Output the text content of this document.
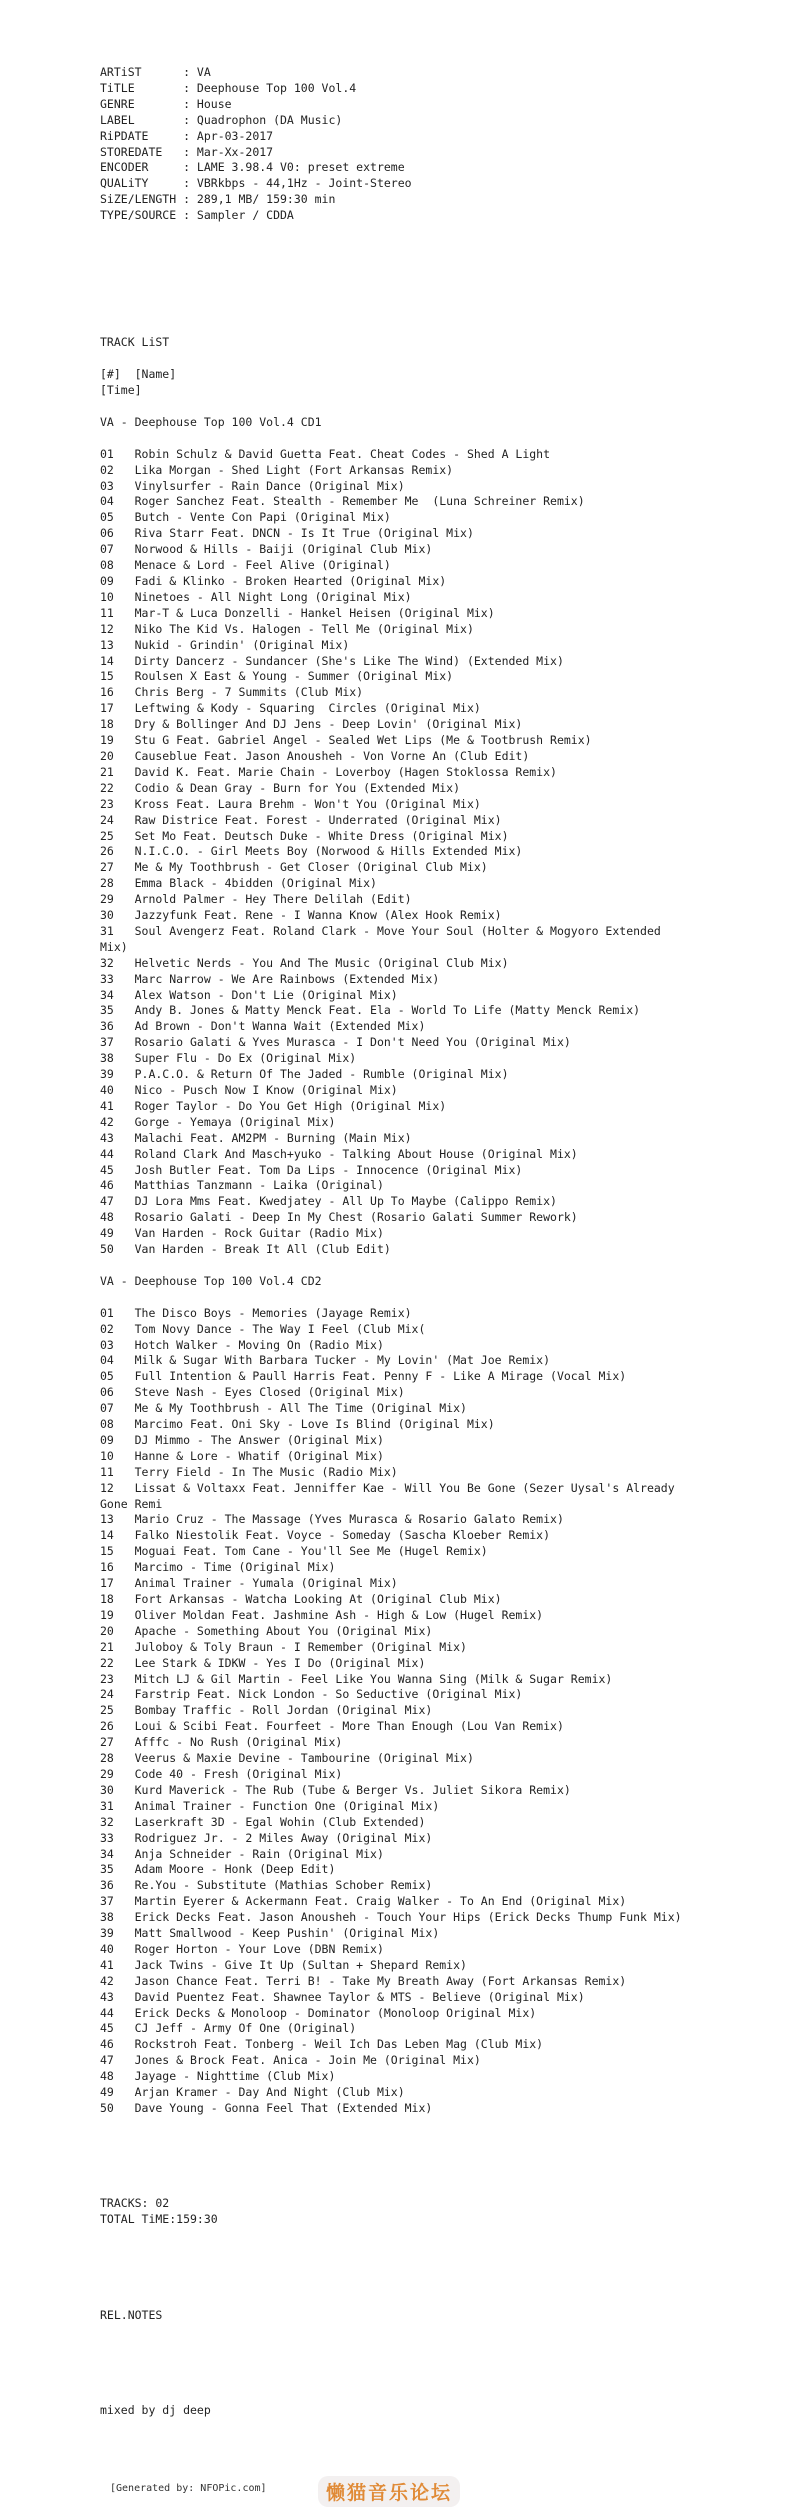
ARTiST      : VA
TiTLE       : Deephouse Top 100 Vol.4
GENRE       : House
LABEL       : Quadrophon (DA Music)
RiPDATE     : Apr-03-2017
STOREDATE   : Mar-Xx-2017
ENCODER     : LAME 3.98.4 V0: preset extreme
QUALiTY     : VBRkbps - 44,1Hz - Joint-Stereo
SiZE/LENGTH : 289,1 MB/ 159:30 min
TYPE/SOURCE : Sampler / CDDA

TRACK LiST

[#]  [Name]
[Time]

VA - Deephouse Top 100 Vol.4 CD1

01   Robin Schulz & David Guetta Feat. Cheat Codes - Shed A Light
02   Lika Morgan - Shed Light (Fort Arkansas Remix)
03   Vinylsurfer - Rain Dance (Original Mix)
04   Roger Sanchez Feat. Stealth - Remember Me  (Luna Schreiner Remix)
05   Butch - Vente Con Papi (Original Mix)
06   Riva Starr Feat. DNCN - Is It True (Original Mix)
07   Norwood & Hills - Baiji (Original Club Mix)
08   Menace & Lord - Feel Alive (Original)
09   Fadi & Klinko - Broken Hearted (Original Mix)
10   Ninetoes - All Night Long (Original Mix)
11   Mar-T & Luca Donzelli - Hankel Heisen (Original Mix)
12   Niko The Kid Vs. Halogen - Tell Me (Original Mix)
13   Nukid - Grindin' (Original Mix)
14   Dirty Dancerz - Sundancer (She's Like The Wind) (Extended Mix)
15   Roulsen X East & Young - Summer (Original Mix)
16   Chris Berg - 7 Summits (Club Mix)
17   Leftwing & Kody - Squaring  Circles (Original Mix)
18   Dry & Bollinger And DJ Jens - Deep Lovin' (Original Mix)
19   Stu G Feat. Gabriel Angel - Sealed Wet Lips (Me & Tootbrush Remix)
20   Causeblue Feat. Jason Anousheh - Von Vorne An (Club Edit)
21   David K. Feat. Marie Chain - Loverboy (Hagen Stoklossa Remix)
22   Codio & Dean Gray - Burn for You (Extended Mix)
23   Kross Feat. Laura Brehm - Won't You (Original Mix)
24   Raw Districe Feat. Forest - Underrated (Original Mix)
25   Set Mo Feat. Deutsch Duke - White Dress (Original Mix)
26   N.I.C.O. - Girl Meets Boy (Norwood & Hills Extended Mix)
27   Me & My Toothbrush - Get Closer (Original Club Mix)
28   Emma Black - 4bidden (Original Mix)
29   Arnold Palmer - Hey There Delilah (Edit)
30   Jazzyfunk Feat. Rene - I Wanna Know (Alex Hook Remix)
31   Soul Avengerz Feat. Roland Clark - Move Your Soul (Holter & Mogyoro Extended
Mix)
32   Helvetic Nerds - You And The Music (Original Club Mix)
33   Marc Narrow - We Are Rainbows (Extended Mix)
34   Alex Watson - Don't Lie (Original Mix)
35   Andy B. Jones & Matty Menck Feat. Ela - World To Life (Matty Menck Remix)
36   Ad Brown - Don't Wanna Wait (Extended Mix)
37   Rosario Galati & Yves Murasca - I Don't Need You (Original Mix)
38   Super Flu - Do Ex (Original Mix)
39   P.A.C.O. & Return Of The Jaded - Rumble (Original Mix)
40   Nico - Pusch Now I Know (Original Mix)
41   Roger Taylor - Do You Get High (Original Mix)
42   Gorge - Yemaya (Original Mix)
43   Malachi Feat. AM2PM - Burning (Main Mix)
44   Roland Clark And Masch+yuko - Talking About House (Original Mix)
45   Josh Butler Feat. Tom Da Lips - Innocence (Original Mix)
46   Matthias Tanzmann - Laika (Original)
47   DJ Lora Mms Feat. Kwedjatey - All Up To Maybe (Calippo Remix)
48   Rosario Galati - Deep In My Chest (Rosario Galati Summer Rework)
49   Van Harden - Rock Guitar (Radio Mix)
50   Van Harden - Break It All (Club Edit)

VA - Deephouse Top 100 Vol.4 CD2

01   The Disco Boys - Memories (Jayage Remix)
02   Tom Novy Dance - The Way I Feel (Club Mix(
03   Hotch Walker - Moving On (Radio Mix)
04   Milk & Sugar With Barbara Tucker - My Lovin' (Mat Joe Remix)
05   Full Intention & Paull Harris Feat. Penny F - Like A Mirage (Vocal Mix)
06   Steve Nash - Eyes Closed (Original Mix)
07   Me & My Toothbrush - All The Time (Original Mix)
08   Marcimo Feat. Oni Sky - Love Is Blind (Original Mix)
09   DJ Mimmo - The Answer (Original Mix)
10   Hanne & Lore - Whatif (Original Mix)
11   Terry Field - In The Music (Radio Mix)
12   Lissat & Voltaxx Feat. Jenniffer Kae - Will You Be Gone (Sezer Uysal's Already
Gone Remi
13   Mario Cruz - The Massage (Yves Murasca & Rosario Galato Remix)
14   Falko Niestolik Feat. Voyce - Someday (Sascha Kloeber Remix)
15   Moguai Feat. Tom Cane - You'll See Me (Hugel Remix)
16   Marcimo - Time (Original Mix)
17   Animal Trainer - Yumala (Original Mix)
18   Fort Arkansas - Watcha Looking At (Original Club Mix)
19   Oliver Moldan Feat. Jashmine Ash - High & Low (Hugel Remix)
20   Apache - Something About You (Original Mix)
21   Juloboy & Toly Braun - I Remember (Original Mix)
22   Lee Stark & IDKW - Yes I Do (Original Mix)
23   Mitch LJ & Gil Martin - Feel Like You Wanna Sing (Milk & Sugar Remix)
24   Farstrip Feat. Nick London - So Seductive (Original Mix)
25   Bombay Traffic - Roll Jordan (Original Mix)
26   Loui & Scibi Feat. Fourfeet - More Than Enough (Lou Van Remix)
27   Afffc - No Rush (Original Mix)
28   Veerus & Maxie Devine - Tambourine (Original Mix)
29   Code 40 - Fresh (Original Mix)
30   Kurd Maverick - The Rub (Tube & Berger Vs. Juliet Sikora Remix)
31   Animal Trainer - Function One (Original Mix)
32   Laserkraft 3D - Egal Wohin (Club Extended)
33   Rodriguez Jr. - 2 Miles Away (Original Mix)
34   Anja Schneider - Rain (Original Mix)
35   Adam Moore - Honk (Deep Edit)
36   Re.You - Substitute (Mathias Schober Remix)
37   Martin Eyerer & Ackermann Feat. Craig Walker - To An End (Original Mix)
38   Erick Decks Feat. Jason Anousheh - Touch Your Hips (Erick Decks Thump Funk Mix)
39   Matt Smallwood - Keep Pushin' (Original Mix)
40   Roger Horton - Your Love (DBN Remix)
41   Jack Twins - Give It Up (Sultan + Shepard Remix)
42   Jason Chance Feat. Terri B! - Take My Breath Away (Fort Arkansas Remix)
43   David Puentez Feat. Shawnee Taylor & MTS - Believe (Original Mix)
44   Erick Decks & Monoloop - Dominator (Monoloop Original Mix)
45   CJ Jeff - Army Of One (Original)
46   Rockstroh Feat. Tonberg - Weil Ich Das Leben Mag (Club Mix)
47   Jones & Brock Feat. Anica - Join Me (Original Mix)
48   Jayage - Nighttime (Club Mix)
49   Arjan Kramer - Day And Night (Club Mix)
50   Dave Young - Gonna Feel That (Extended Mix)

TRACKS: 02
TOTAL TiME:159:30

REL.NOTES

mixed by dj deep
[Generated by: NFOPic.com]	懒猫音乐论坛
